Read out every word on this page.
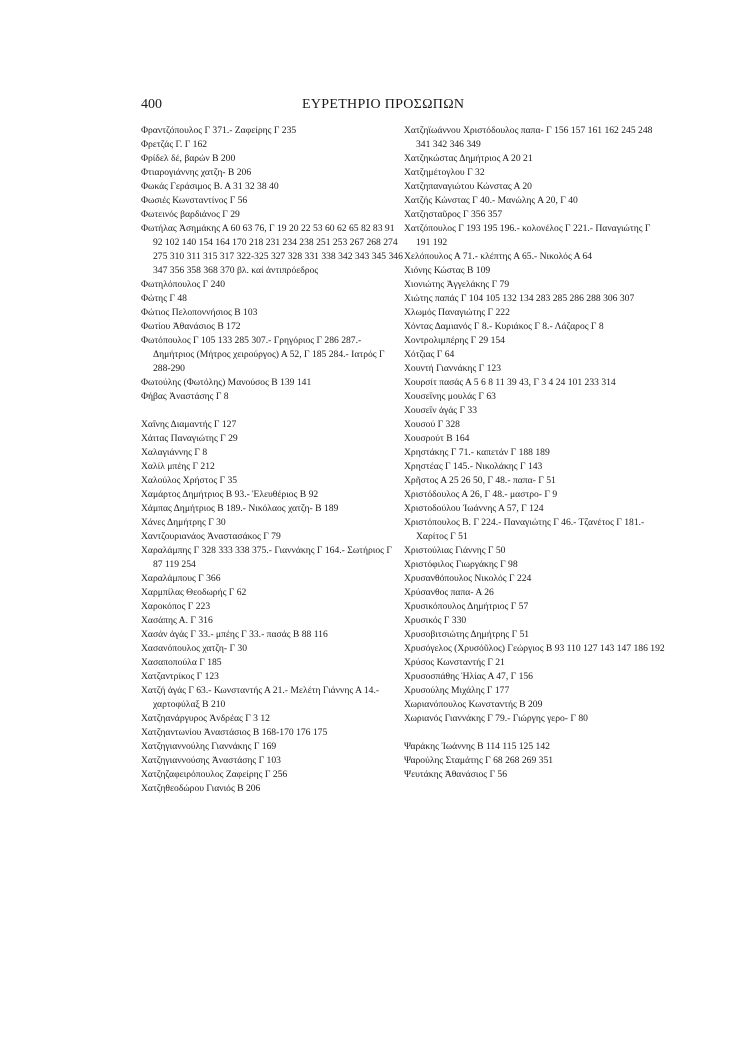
400	ΕΥΡΕΤΗΡΙΟ ΠΡΟΣΩΠΩΝ
Φραντζόπουλος Γ 371.- Ζαφείρης Γ 235
Φρετζάς Γ. Γ 162
Φρίδελ δέ, βαρών Β 200
Φτιαρογιάννης χατζη- Β 206
Φωκάς Γεράσιμος Β. Α 31 32 38 40
Φωσιές Κωνσταντίνος Γ 56
Φωτεινός βαρδιάνος Γ 29
Φωτήλας Ἀσημάκης Α 60 63 76, Γ 19 20 22 53 60 62 65 82 83 91 92 102 140 154 164 170 218 231 234 238 251 253 267 268 274 275 310 311 315 317 322-325 327 328 331 338 342 343 345 346 347 356 358 368 370 βλ. καί ἀντιπρόεδρος
Φωτηλόπουλος Γ 240
Φώτης Γ 48
Φώτιος Πελοποννήσιος Β 103
Φωτίου Ἀθανάσιος Β 172
Φωτόπουλος Γ 105 133 285 307.- Γρηγόριος Γ 286 287.- Δημήτριος (Μήτρος χειρούργος) Α 52, Γ 185 284.- Ιατρός Γ 288-290
Φωτούλης (Φωτόλης) Μανούσος Β 139 141
Φήβας Ἀναστάσης Γ 8
Χαΐνης Διαμαντής Γ 127
Χάιτας Παναγιώτης Γ 29
Χαλαγιάννης Γ 8
Χαλίλ μπέης Γ 212
Χαλούλος Χρήστος Γ 35
Χαμάρτος Δημήτριος Β 93.- Ἐλευθέριος Β 92
Χάμπας Δημήτριος Β 189.- Νικόλαος χατζη- Β 189
Χάνες Δημήτρης Γ 30
Χαντζουριανάος Ἀναστασάκος Γ 79
Χαραλάμπης Γ 328 333 338 375.- Γιαννάκης Γ 164.- Σωτήριος Γ 87 119 254
Χαραλάμπους Γ 366
Χαρμπίλας Θεοδωρής Γ 62
Χαροκόπος Γ 223
Χασάπης Α. Γ 316
Χασάν ἀγάς Γ 33.- μπέης Γ 33.- πασάς Β 88 116
Χασανόπουλος χατζη- Γ 30
Χασαποπούλα Γ 185
Χατζαντρίκος Γ 123
Χατζή ἀγάς Γ 63.- Κωνσταντής Α 21.- Μελέτη Γιάννης Α 14.- χαρτοφύλαξ Β 210
Χατζηανάργυρος Ἀνδρέας Γ 3 12
Χατζηαντωνίου Ἀναστάσιος Β 168-170 176 175
Χατζηγιαννούλης Γιαννάκης Γ 169
Χατζηγιαννούσης Ἀναστάσης Γ 103
Χατζηζαφειρόπουλος Ζαφείρης Γ 256
Χατζηθεοδώρου Γιανιός Β 206
Χατζηϊωάννου Χριστόδουλος παπα- Γ 156 157 161 162 245 248 341 342 346 349
Χατζηκώστας Δημήτριος Α 20 21
Χατζημέτογλου Γ 32
Χατζηπαναγιώτου Κώνστας Α 20
Χατζής Κώνστας Γ 40.- Μανώλης Α 20, Γ 40
Χατζησταῦρος Γ 356 357
Χατζόπουλος Γ 193 195 196.- κολονέλος Γ 221.- Παναγιώτης Γ 191 192
Χελόπουλος Α 71.- κλέπτης Α 65.- Νικολός Α 64
Χιόνης Κώστας Β 109
Χιονιώτης Ἀγγελάκης Γ 79
Χιώτης παπάς Γ 104 105 132 134 283 285 286 288 306 307
Χλωμός Παναγιώτης Γ 222
Χόντας Δαμιανός Γ 8.- Κυριάκος Γ 8.- Λάζαρος Γ 8
Χοντρολιμπέρης Γ 29 154
Χότζιας Γ 64
Χουντή Γιαννάκης Γ 123
Χουρσίτ πασάς Α 5 6 8 11 39 43, Γ 3 4 24 101 233 314
Χουσεΐνης μουλάς Γ 63
Χουσεΐν ἀγάς Γ 33
Χουσού Γ 328
Χουσρούτ Β 164
Χρηστάκης Γ 71.- καπετάν Γ 188 189
Χρηστέας Γ 145.- Νικολάκης Γ 143
Χρῆστος Α 25 26 50, Γ 48.- παπα- Γ 51
Χριστόδουλος Α 26, Γ 48.- μαστρο- Γ 9
Χριστοδούλου Ἰωάννης Α 57, Γ 124
Χριστόπουλος Β. Γ 224.- Παναγιώτης Γ 46.- Τζανέτος Γ 181.- Χαρίτος Γ 51
Χριστούλιας Γιάννης Γ 50
Χριστόφιλος Γιωργάκης Γ 98
Χρυσανθόπουλος Νικολός Γ 224
Χρύσανθος παπα- Α 26
Χρυσικόπουλος Δημήτριος Γ 57
Χρυσικός Γ 330
Χρυσοβιτσιώτης Δημήτρης Γ 51
Χρυσόγελος (Χρυσόῦλος) Γεώργιος Β 93 110 127 143 147 186 192
Χρύσος Κωνσταντής Γ 21
Χρυσοσπάθης Ἡλίας Α 47, Γ 156
Χρυσούλης Μιχάλης Γ 177
Χωριανόπουλος Κωνσταντής Β 209
Χωριανός Γιαννάκης Γ 79.- Γιώργης γερο- Γ 80
Ψαράκης Ἰωάννης Β 114 115 125 142
Ψαρούλης Σταμάτης Γ 68 268 269 351
Ψευτάκης Ἀθανάσιος Γ 56
